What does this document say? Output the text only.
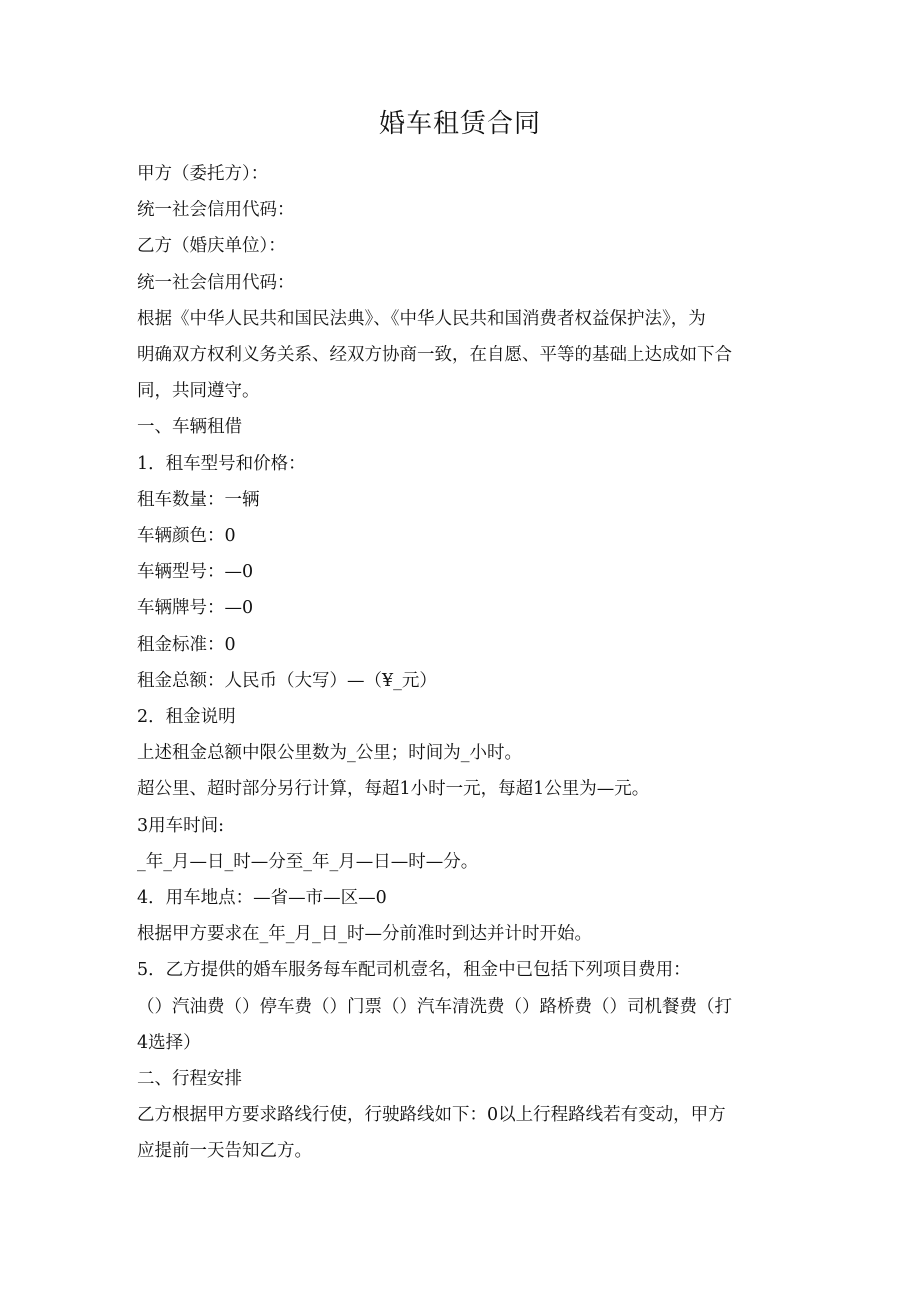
婚车租赁合同

甲方（委托方）：

统一社会信用代码：

乙方（婚庆单位）：

统一社会信用代码：

根据《中华人民共和国民法典》、《中华人民共和国消费者权益保护法》，为

明确双方权利义务关系、经双方协商一致，在自愿、平等的基础上达成如下合

同，共同遵守。

一、车辆租借

1．租车型号和价格：

租车数量：一辆

车辆颜色：0

车辆型号：—0

车辆牌号：—0

租金标准：0

租金总额：人民币（大写）—（¥_元）

2．租金说明

上述租金总额中限公里数为_公里；时间为_小时。

超公里、超时部分另行计算，每超1小时一元，每超1公里为—元。

3用车时间:

_年_月—日_时—分至_年_月—日—时—分。

4．用车地点：—省—市—区—0

根据甲方要求在_年_月_日_时—分前准时到达并计时开始。

5．乙方提供的婚车服务每车配司机壹名，租金中已包括下列项目费用：

（）汽油费（）停车费（）门票（）汽车清洗费（）路桥费（）司机餐费（打

4选择）

二、行程安排

乙方根据甲方要求路线行使，行驶路线如下：0以上行程路线若有变动，甲方

应提前一天告知乙方。
